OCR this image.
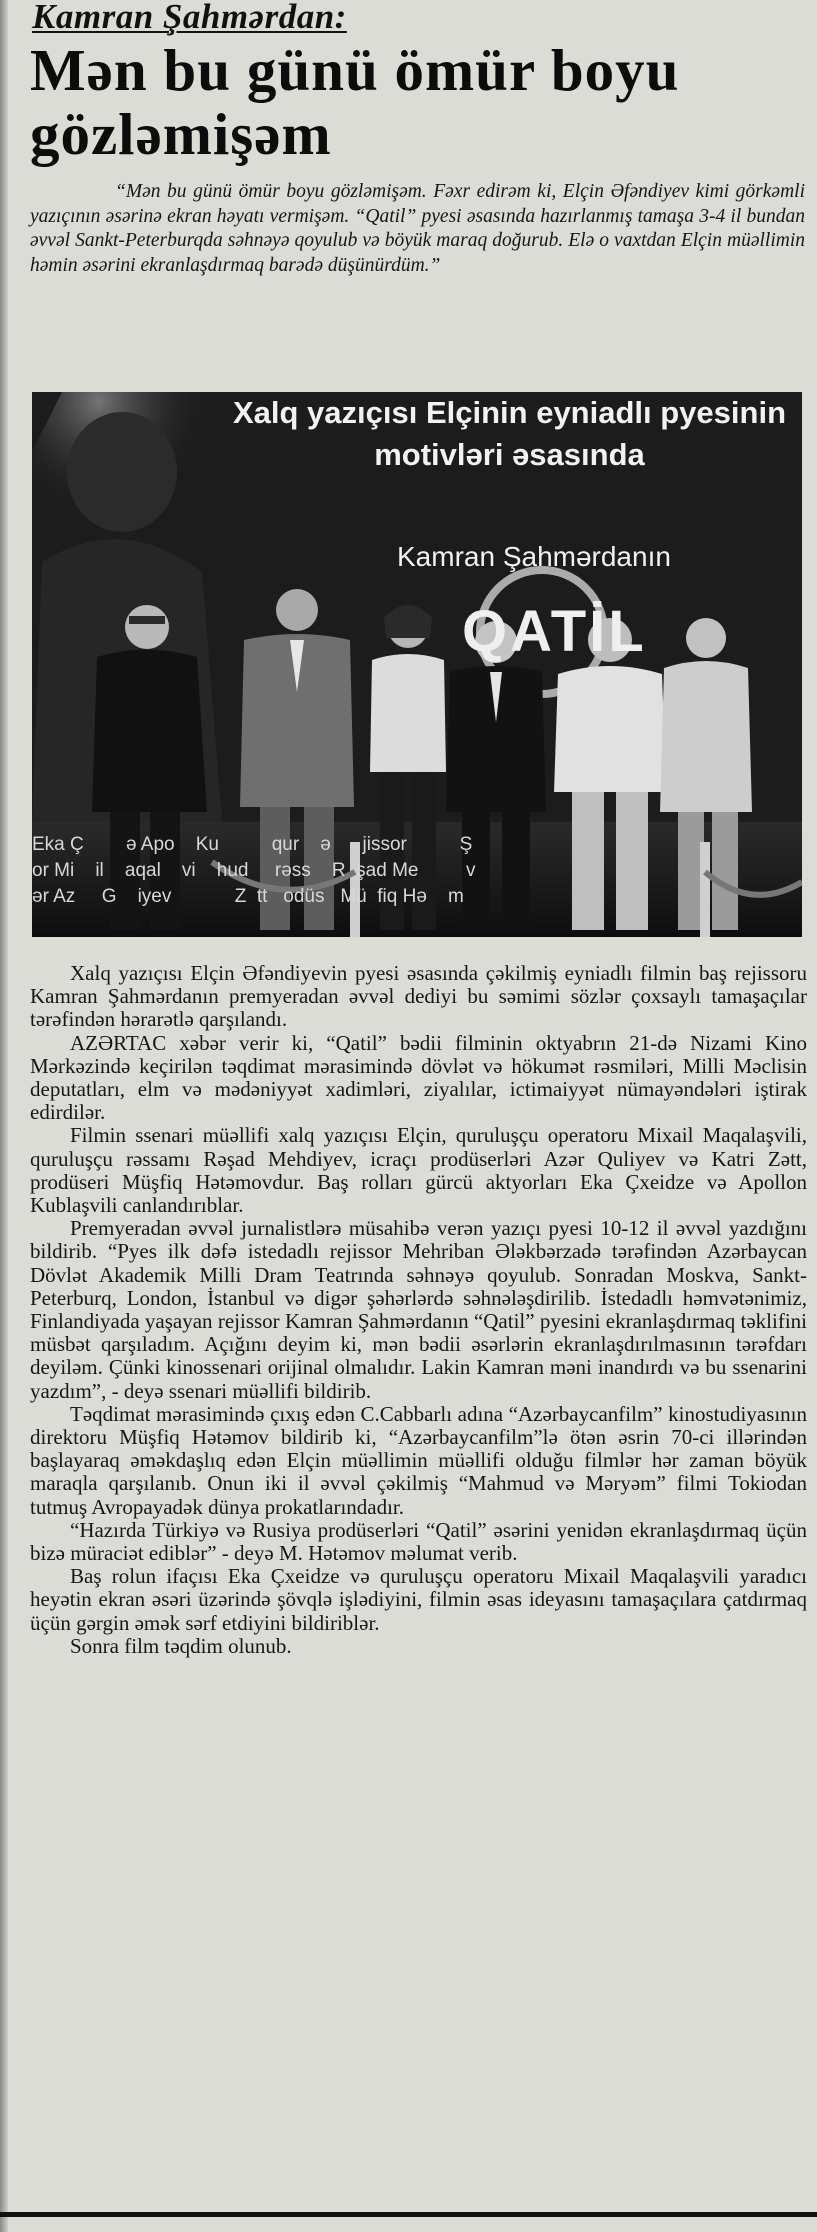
Kamran Şahmərdan:
Mən bu günü ömür boyu gözləmişəm

“Mən bu günü ömür boyu gözləmişəm. Fəxr edirəm ki, Elçin Əfəndiyev kimi görkəmli yazıçının əsərinə ekran həyatı vermişəm. “Qatil” pyesi əsasında hazırlanmış tamaşa 3-4 il bundan əvvəl Sankt-Peterburqda səhnəyə qoyulub və böyük maraq doğurub. Elə o vaxtdan Elçin müəllimin həmin əsərini ekranlaşdırmaq barədə düşünürdüm.”

Xalq yazıçısı Elçinin eyniadlı pyesinin
motivləri əsasında

Kamran Şahmərdanın

QATİL

Eka Ç        ə Apo    Ku          qur    ə      jissor          Ş
or Mi    il    aqal    vi    hud     rəss    R  şad Me         v
ər Az     G    iyev            Z  tt   odüs   Mü  fiq Hə    m

Xalq yazıçısı Elçin Əfəndiyevin pyesi əsasında çəkilmiş eyniadlı filmin baş rejissoru Kamran Şahmərdanın premyeradan əvvəl dediyi bu səmimi sözlər çoxsaylı tamaşaçılar tərəfindən hərarətlə qarşılandı.

AZƏRTAC xəbər verir ki, “Qatil” bədii filminin oktyabrın 21-də Nizami Kino Mərkəzində keçirilən təqdimat mərasimində dövlət və hökumət rəsmiləri, Milli Məclisin deputatları, elm və mədəniyyət xadimləri, ziyalılar, ictimaiyyət nümayəndələri iştirak edirdilər.

Filmin ssenari müəllifi xalq yazıçısı Elçin, quruluşçu operatoru Mixail Maqalaşvili, quruluşçu rəssamı Rəşad Mehdiyev, icraçı prodüserləri Azər Quliyev və Katri Zətt, prodüseri Müşfiq Hətəmovdur. Baş rolları gürcü aktyorları Eka Çxeidze və Apollon Kublaşvili canlandırıblar.

Premyeradan əvvəl jurnalistlərə müsahibə verən yazıçı pyesi 10-12 il əvvəl yazdığını bildirib. “Pyes ilk dəfə istedadlı rejissor Mehriban Ələkbərzadə tərəfindən Azərbaycan Dövlət Akademik Milli Dram Teatrında səhnəyə qoyulub. Sonradan Moskva, Sankt-Peterburq, London, İstanbul və digər şəhərlərdə səhnələşdirilib. İstedadlı həmvətənimiz, Finlandiyada yaşayan rejissor Kamran Şahmərdanın “Qatil” pyesini ekranlaşdırmaq təklifini müsbət qarşıladım. Açığını deyim ki, mən bədii əsərlərin ekranlaşdırılmasının tərəfdarı deyiləm. Çünki kinossenari orijinal olmalıdır. Lakin Kamran məni inandırdı və bu ssenarini yazdım”, - deyə ssenari müəllifi bildirib.

Təqdimat mərasimində çıxış edən C.Cabbarlı adına “Azərbaycanfilm” kinostudiyasının direktoru Müşfiq Hətəmov bildirib ki, “Azərbaycanfilm”lə ötən əsrin 70-ci illərindən başlayaraq əməkdaşlıq edən Elçin müəllimin müəllifi olduğu filmlər hər zaman böyük maraqla qarşılanıb. Onun iki il əvvəl çəkilmiş “Mahmud və Məryəm” filmi Tokiodan tutmuş Avropayadək dünya prokatlarındadır.

“Hazırda Türkiyə və Rusiya prodüserləri “Qatil” əsərini yenidən ekranlaşdırmaq üçün bizə müraciət ediblər” - deyə M. Hətəmov məlumat verib.

Baş rolun ifaçısı Eka Çxeidze və quruluşçu operatoru Mixail Maqalaşvili yaradıcı heyətin ekran əsəri üzərində şövqlə işlədiyini, filmin əsas ideyasını tamaşaçılara çatdırmaq üçün gərgin əmək sərf etdiyini bildiriblər.

Sonra film təqdim olunub.
